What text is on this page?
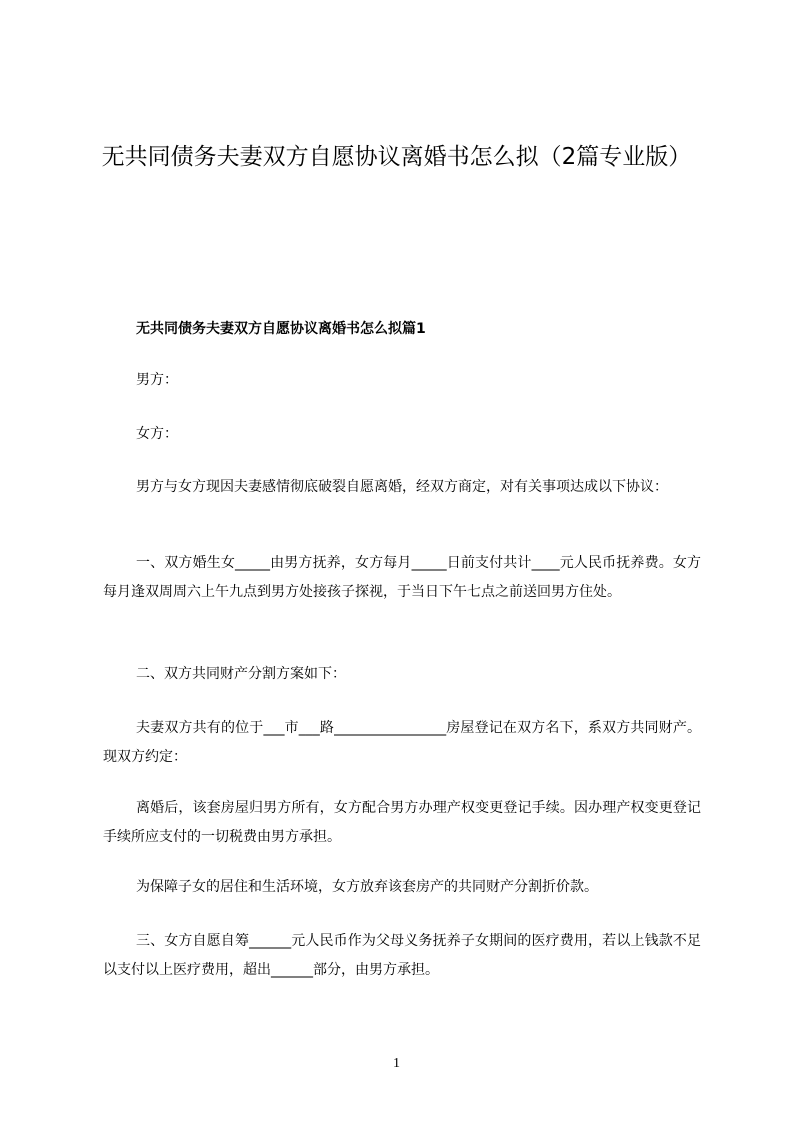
无共同债务夫妻双方自愿协议离婚书怎么拟（2篇专业版）
无共同债务夫妻双方自愿协议离婚书怎么拟篇1

男方：

女方：

男方与女方现因夫妻感情彻底破裂自愿离婚，经双方商定，对有关事项达成以下协议：

一、双方婚生女_____由男方抚养，女方每月_____日前支付共计____元人民币抚养费。女方每月逢双周周六上午九点到男方处接孩子探视，于当日下午七点之前送回男方住处。

二、双方共同财产分割方案如下：

夫妻双方共有的位于___市___路________________房屋登记在双方名下，系双方共同财产。现双方约定：

离婚后，该套房屋归男方所有，女方配合男方办理产权变更登记手续。因办理产权变更登记手续所应支付的一切税费由男方承担。

为保障子女的居住和生活环境，女方放弃该套房产的共同财产分割折价款。

三、女方自愿自筹______元人民币作为父母义务抚养子女期间的医疗费用，若以上钱款不足以支付以上医疗费用，超出______部分，由男方承担。

1
